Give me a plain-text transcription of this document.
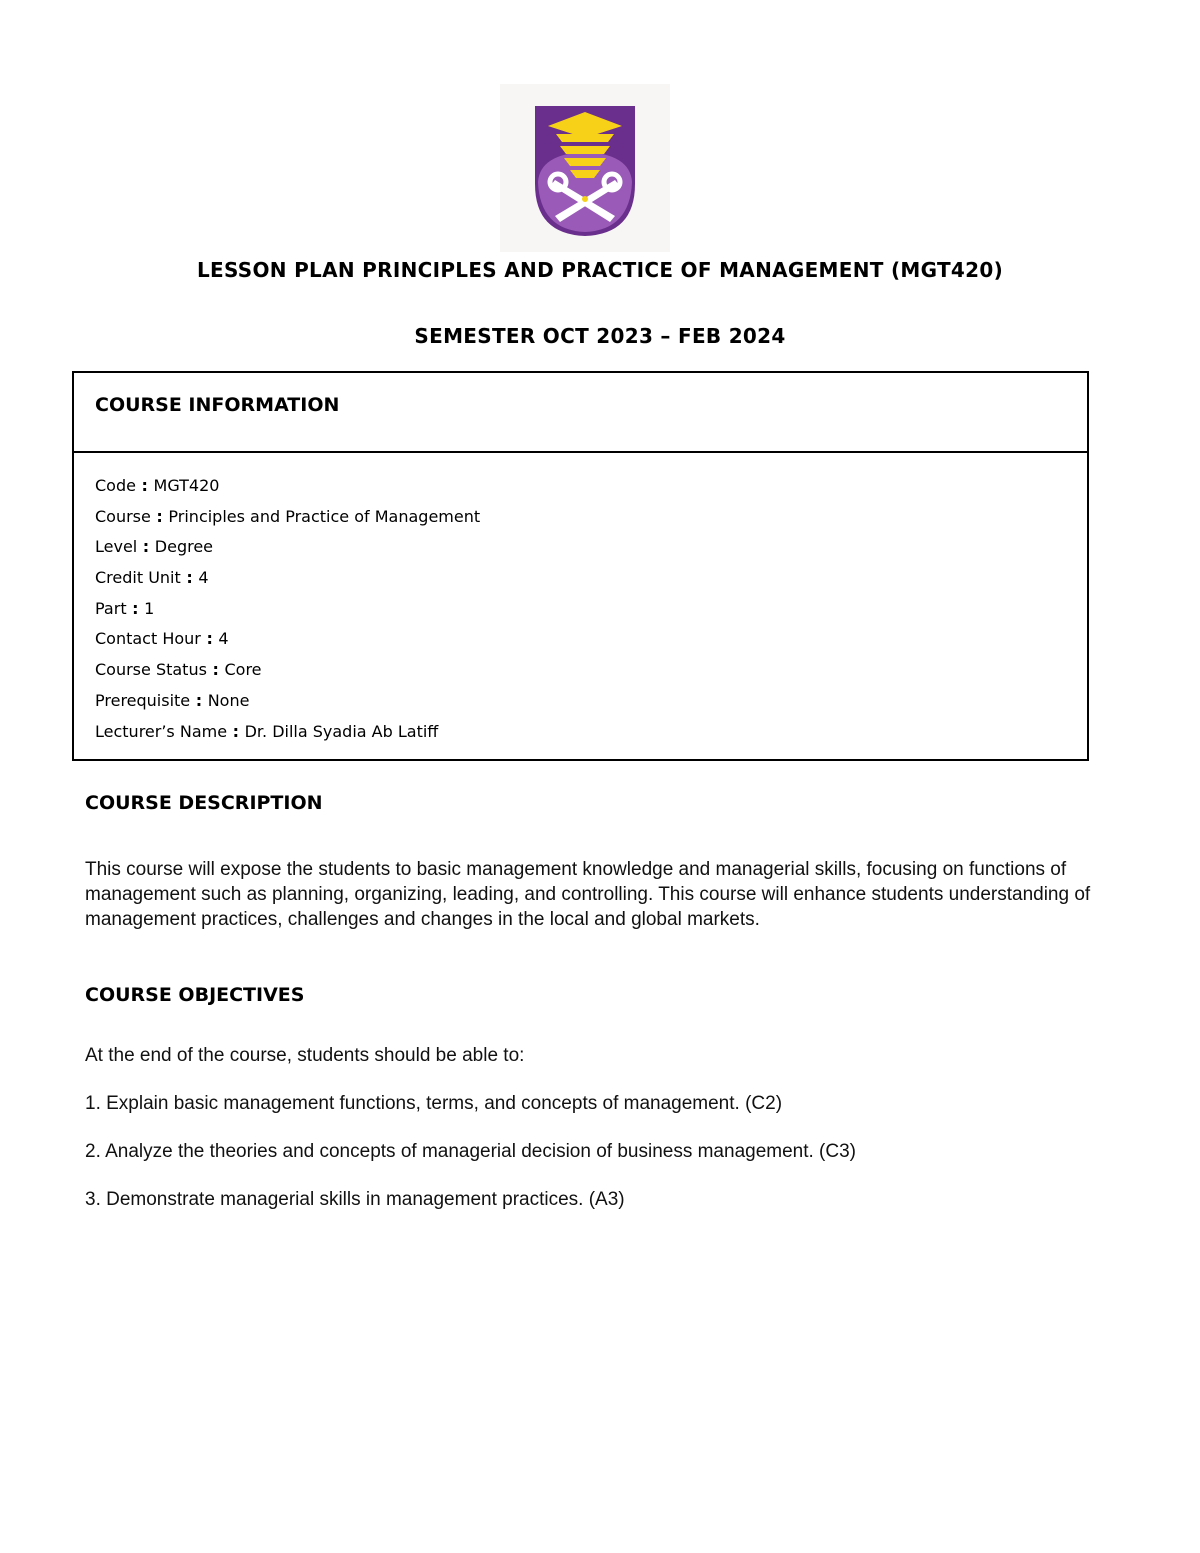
LESSON PLAN PRINCIPLES AND PRACTICE OF MANAGEMENT (MGT420)
SEMESTER OCT 2023 – FEB 2024
COURSE INFORMATION
Code : MGT420
Course : Principles and Practice of Management
Level : Degree
Credit Unit : 4
Part : 1
Contact Hour : 4
Course Status : Core
Prerequisite : None
Lecturer’s Name : Dr. Dilla Syadia Ab Latiff
COURSE DESCRIPTION

This course will expose the students to basic management knowledge and managerial skills, focusing on functions of management such as planning, organizing, leading, and controlling. This course will enhance students understanding of management practices, challenges and changes in the local and global markets.

COURSE OBJECTIVES

At the end of the course, students should be able to:

1. Explain basic management functions, terms, and concepts of management. (C2)

2. Analyze the theories and concepts of managerial decision of business management. (C3)

3. Demonstrate managerial skills in management practices. (A3)
